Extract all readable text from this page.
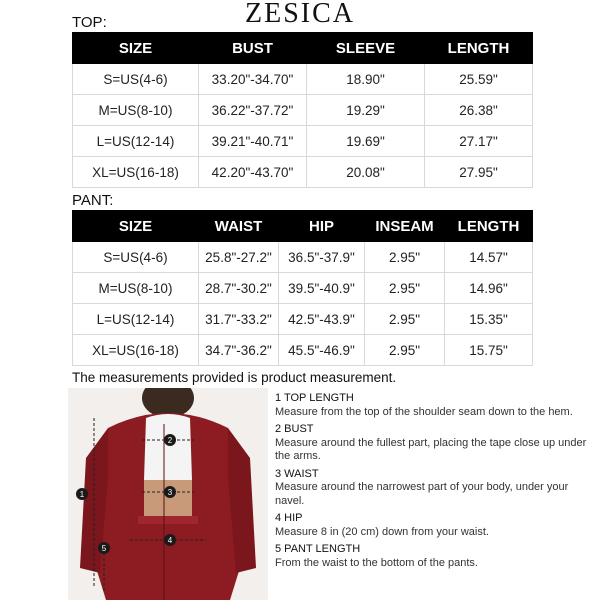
ZESICA
TOP:
SIZE	BUST	SLEEVE	LENGTH
S=US(4-6)	33.20"-34.70"	18.90"	25.59"
M=US(8-10)	36.22"-37.72"	19.29"	26.38"
L=US(12-14)	39.21"-40.71"	19.69"	27.17"
XL=US(16-18)	42.20"-43.70"	20.08"	27.95"
PANT:
SIZE	WAIST	HIP	INSEAM	LENGTH
S=US(4-6)	25.8"-27.2"	36.5"-37.9"	2.95"	14.57"
M=US(8-10)	28.7"-30.2"	39.5"-40.9"	2.95"	14.96"
L=US(12-14)	31.7"-33.2"	42.5"-43.9"	2.95"	15.35"
XL=US(16-18)	34.7"-36.2"	45.5"-46.9"	2.95"	15.75"
The measurements provided is product measurement.
1
2
3
4
5
1 TOP LENGTH
Measure from the top of the shoulder seam down to the hem.
2 BUST
Measure around the fullest part, placing the tape close up under the arms.
3 WAIST
Measure around the narrowest part of your body, under your navel.
4 HIP
Measure 8 in (20 cm) down from your waist.
5 PANT LENGTH
From the waist to the bottom of the pants.
